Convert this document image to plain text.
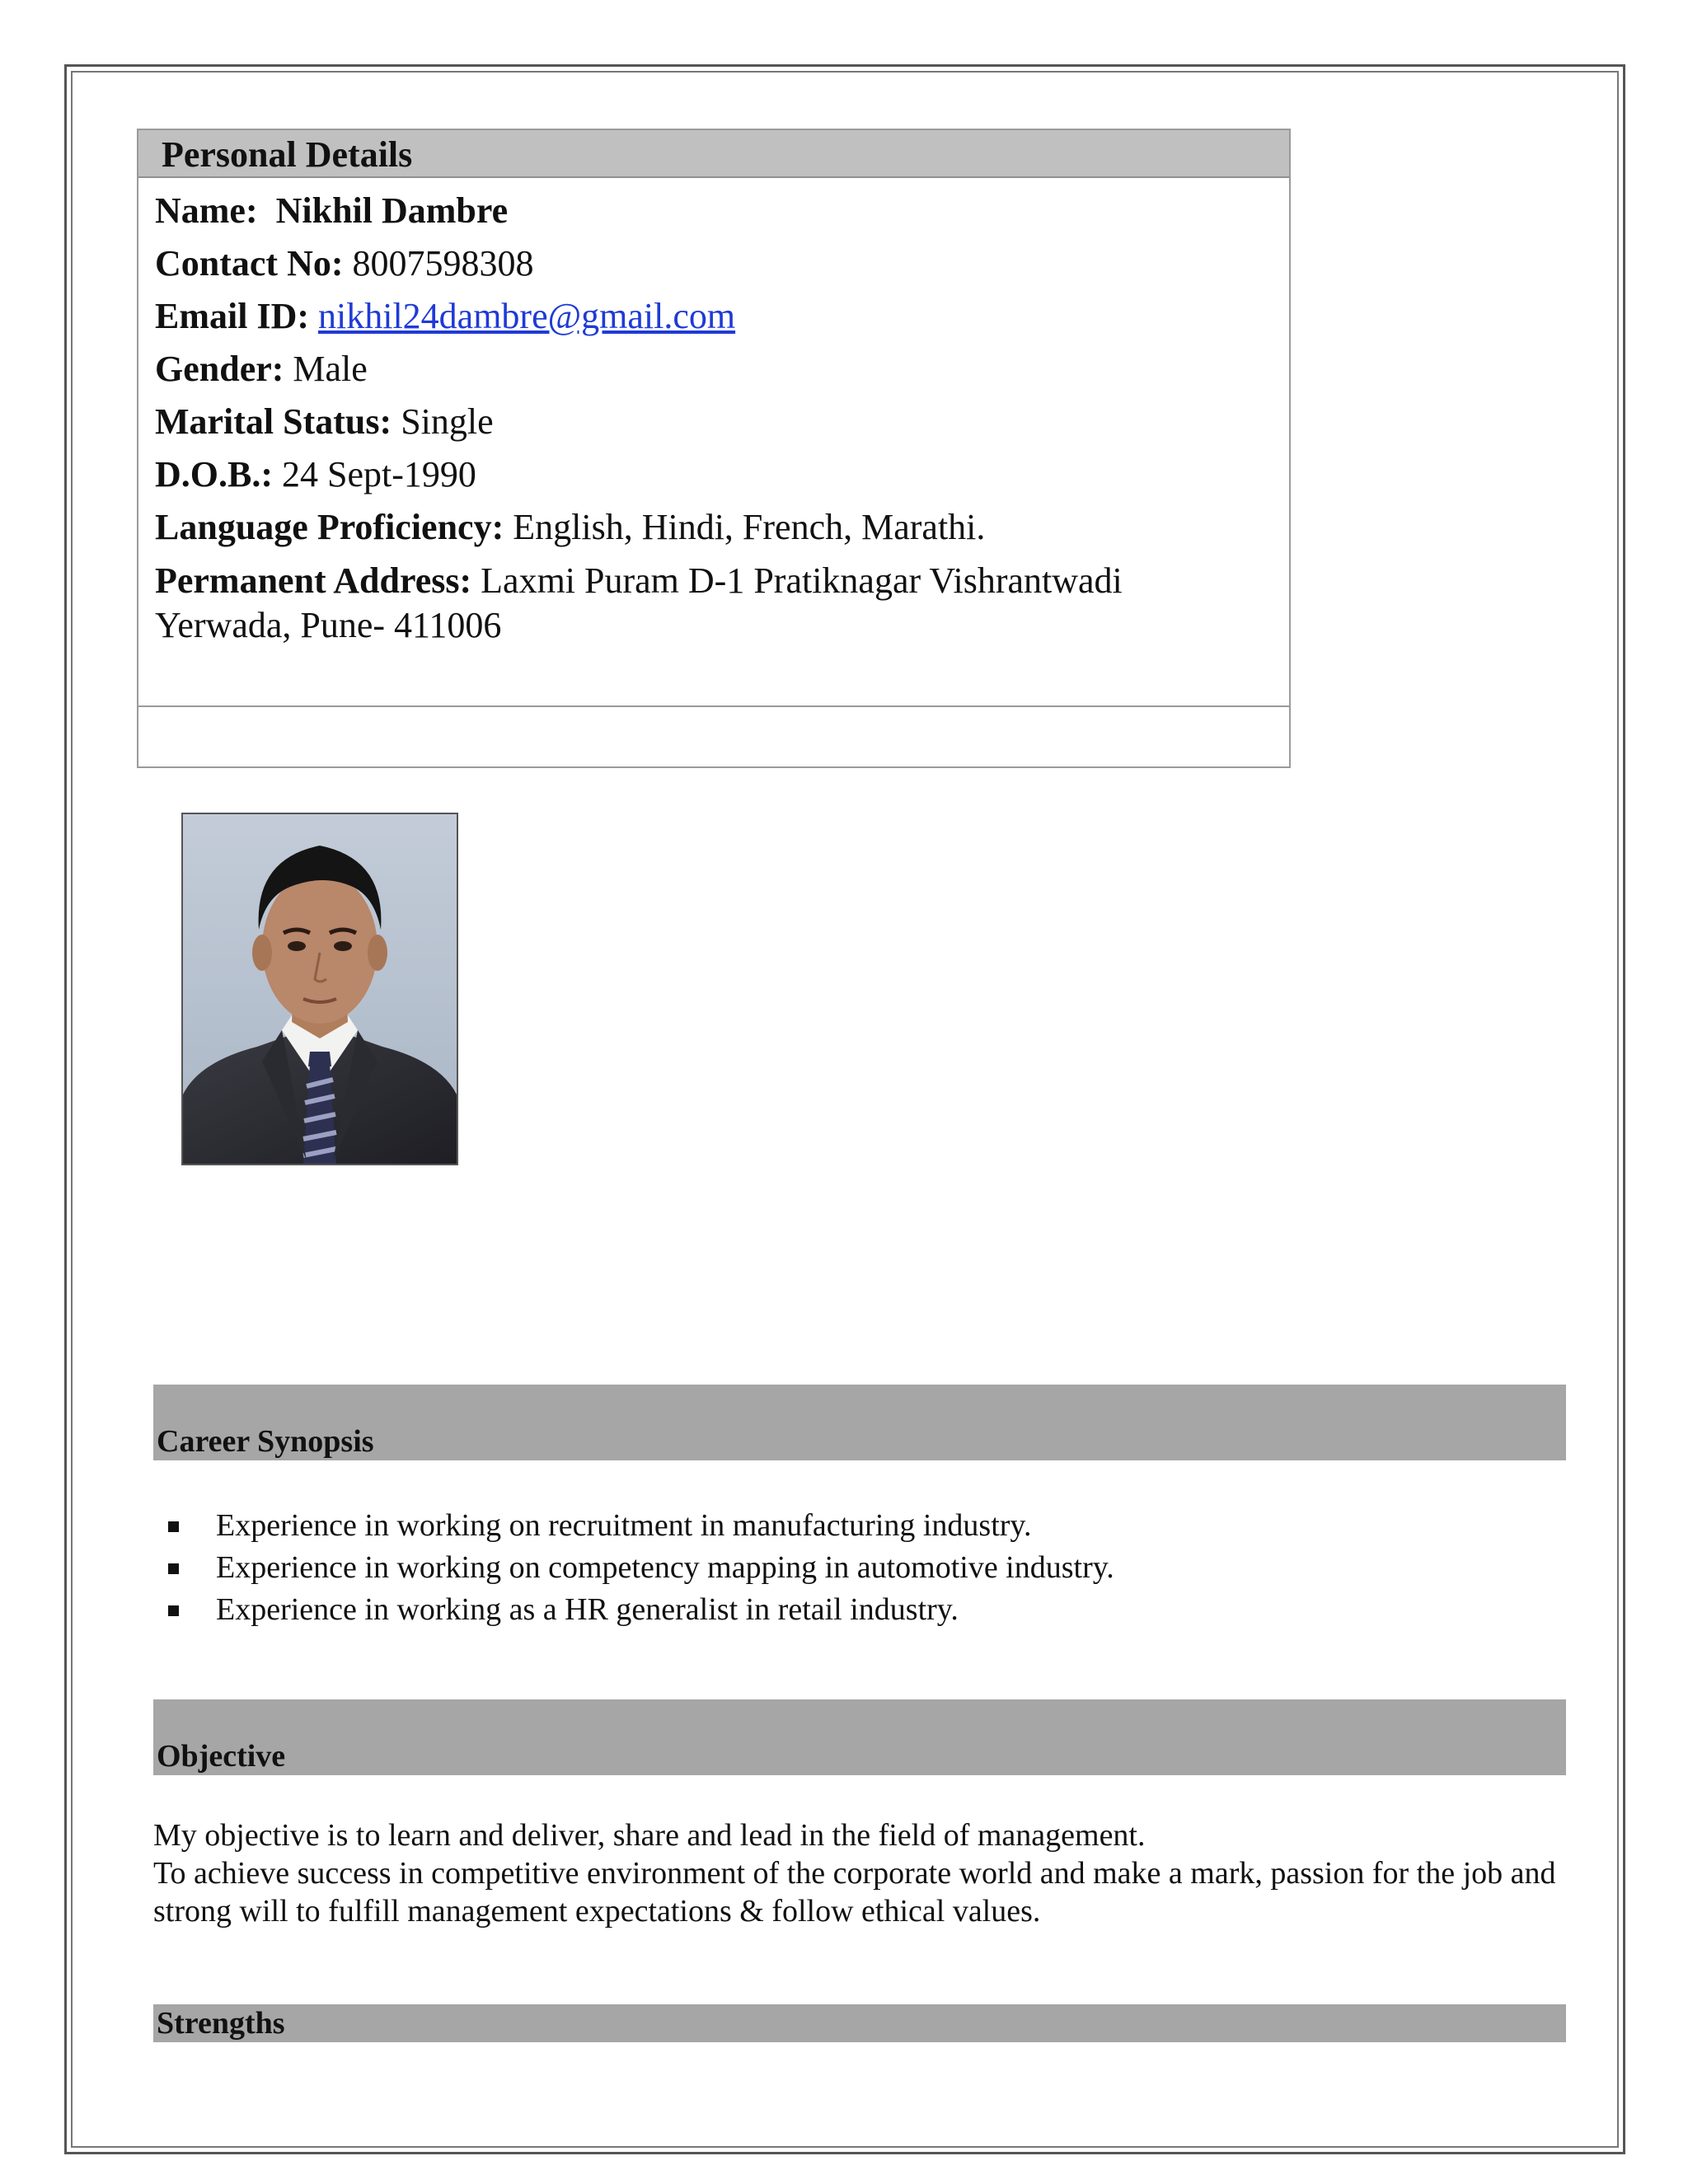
Personal Details
Name: Nikhil Dambre
Contact No: 8007598308
Email ID: nikhil24dambre@gmail.com
Gender: Male
Marital Status: Single
D.O.B.: 24 Sept-1990
Language Proficiency: English, Hindi, French, Marathi.
Permanent Address: Laxmi Puram D-1 Pratiknagar Vishrantwadi Yerwada, Pune- 411006
Career Synopsis
Experience in working on recruitment in manufacturing industry.
Experience in working on competency mapping in automotive industry.
Experience in working as a HR generalist in retail industry.
Objective

My objective is to learn and deliver, share and lead in the field of management.

To achieve success in competitive environment of the corporate world and make a mark, passion for the job and strong will to fulfill management expectations & follow ethical values.

Strengths
